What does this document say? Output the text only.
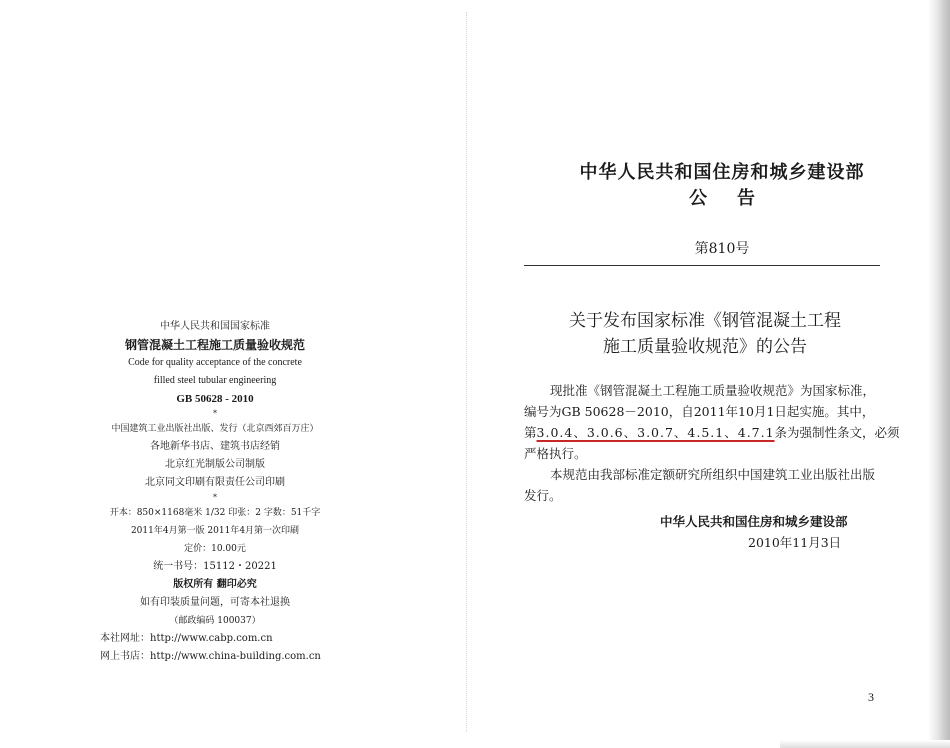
中华人民共和国国家标准
钢管混凝土工程施工质量验收规范
Code for quality acceptance of the concrete
filled steel tubular engineering
GB 50628 - 2010
*
中国建筑工业出版社出版、发行（北京西郊百万庄）
各地新华书店、建筑书店经销
北京红光制版公司制版
北京同文印刷有限责任公司印刷
*
开本：850×1168毫米 1/32 印张：2 字数：51千字
2011年4月第一版 2011年4月第一次印刷
定价：10.00元
统一书号：15112・20221
版权所有 翻印必究
如有印装质量问题，可寄本社退换
（邮政编码 100037）
本社网址：http://www.cabp.com.cn
网上书店：http://www.china-building.com.cn
中华人民共和国住房和城乡建设部
公告
第810号
关于发布国家标准《钢管混凝土工程
施工质量验收规范》的公告
现批准《钢管混凝土工程施工质量验收规范》为国家标准，
编号为GB 50628－2010，自2011年10月1日起实施。其中，
第3.0.4、3.0.6、3.0.7、4.5.1、4.7.1条为强制性条文，必须
严格执行。
本规范由我部标准定额研究所组织中国建筑工业出版社出版
发行。
中华人民共和国住房和城乡建设部
2010年11月3日
3
